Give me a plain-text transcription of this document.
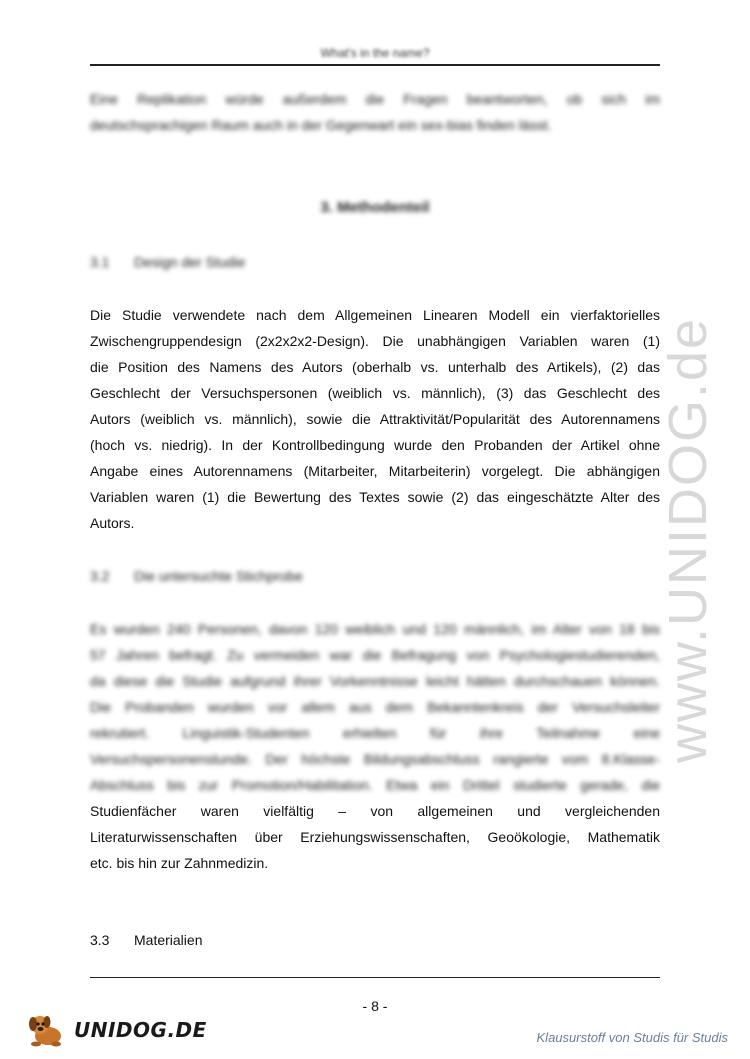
What's in the name?
Eine Replikation würde außerdem die Fragen beantworten, ob sich im
deutschsprachigen Raum auch in der Gegenwart ein sex-bias finden lässt.
3. Methodenteil
3.1 Design der Studie
Die Studie verwendete nach dem Allgemeinen Linearen Modell ein vierfaktorielles
Zwischengruppendesign (2x2x2x2-Design). Die unabhängigen Variablen waren (1)
die Position des Namens des Autors (oberhalb vs. unterhalb des Artikels), (2) das
Geschlecht der Versuchspersonen (weiblich vs. männlich), (3) das Geschlecht des
Autors (weiblich vs. männlich), sowie die Attraktivität/Popularität des Autorennamens
(hoch vs. niedrig). In der Kontrollbedingung wurde den Probanden der Artikel ohne
Angabe eines Autorennamens (Mitarbeiter, Mitarbeiterin) vorgelegt. Die abhängigen
Variablen waren (1) die Bewertung des Textes sowie (2) das eingeschätzte Alter des
Autors.
3.2 Die untersuchte Stichprobe
Es wurden 240 Personen, davon 120 weiblich und 120 männlich, im Alter von 18 bis
57 Jahren befragt. Zu vermeiden war die Befragung von Psychologiestudierenden,
da diese die Studie aufgrund ihrer Vorkenntnisse leicht hätten durchschauen können.
Die Probanden wurden vor allem aus dem Bekanntenkreis der Versuchsleiter
rekrutiert. Linguistik-Studenten erhielten für ihre Teilnahme eine
Versuchspersonenstunde. Der höchste Bildungsabschluss rangierte vom 8.Klasse-
Abschluss bis zur Promotion/Habilitation. Etwa ein Drittel studierte gerade, die
Studienfächer waren vielfältig – von allgemeinen und vergleichenden
Literaturwissenschaften über Erziehungswissenschaften, Geoökologie, Mathematik
etc. bis hin zur Zahnmedizin.
3.3 Materialien
www.UNIDOG.de
- 8 -
UNIDOG.DE	Klausurstoff von Studis für Studis
